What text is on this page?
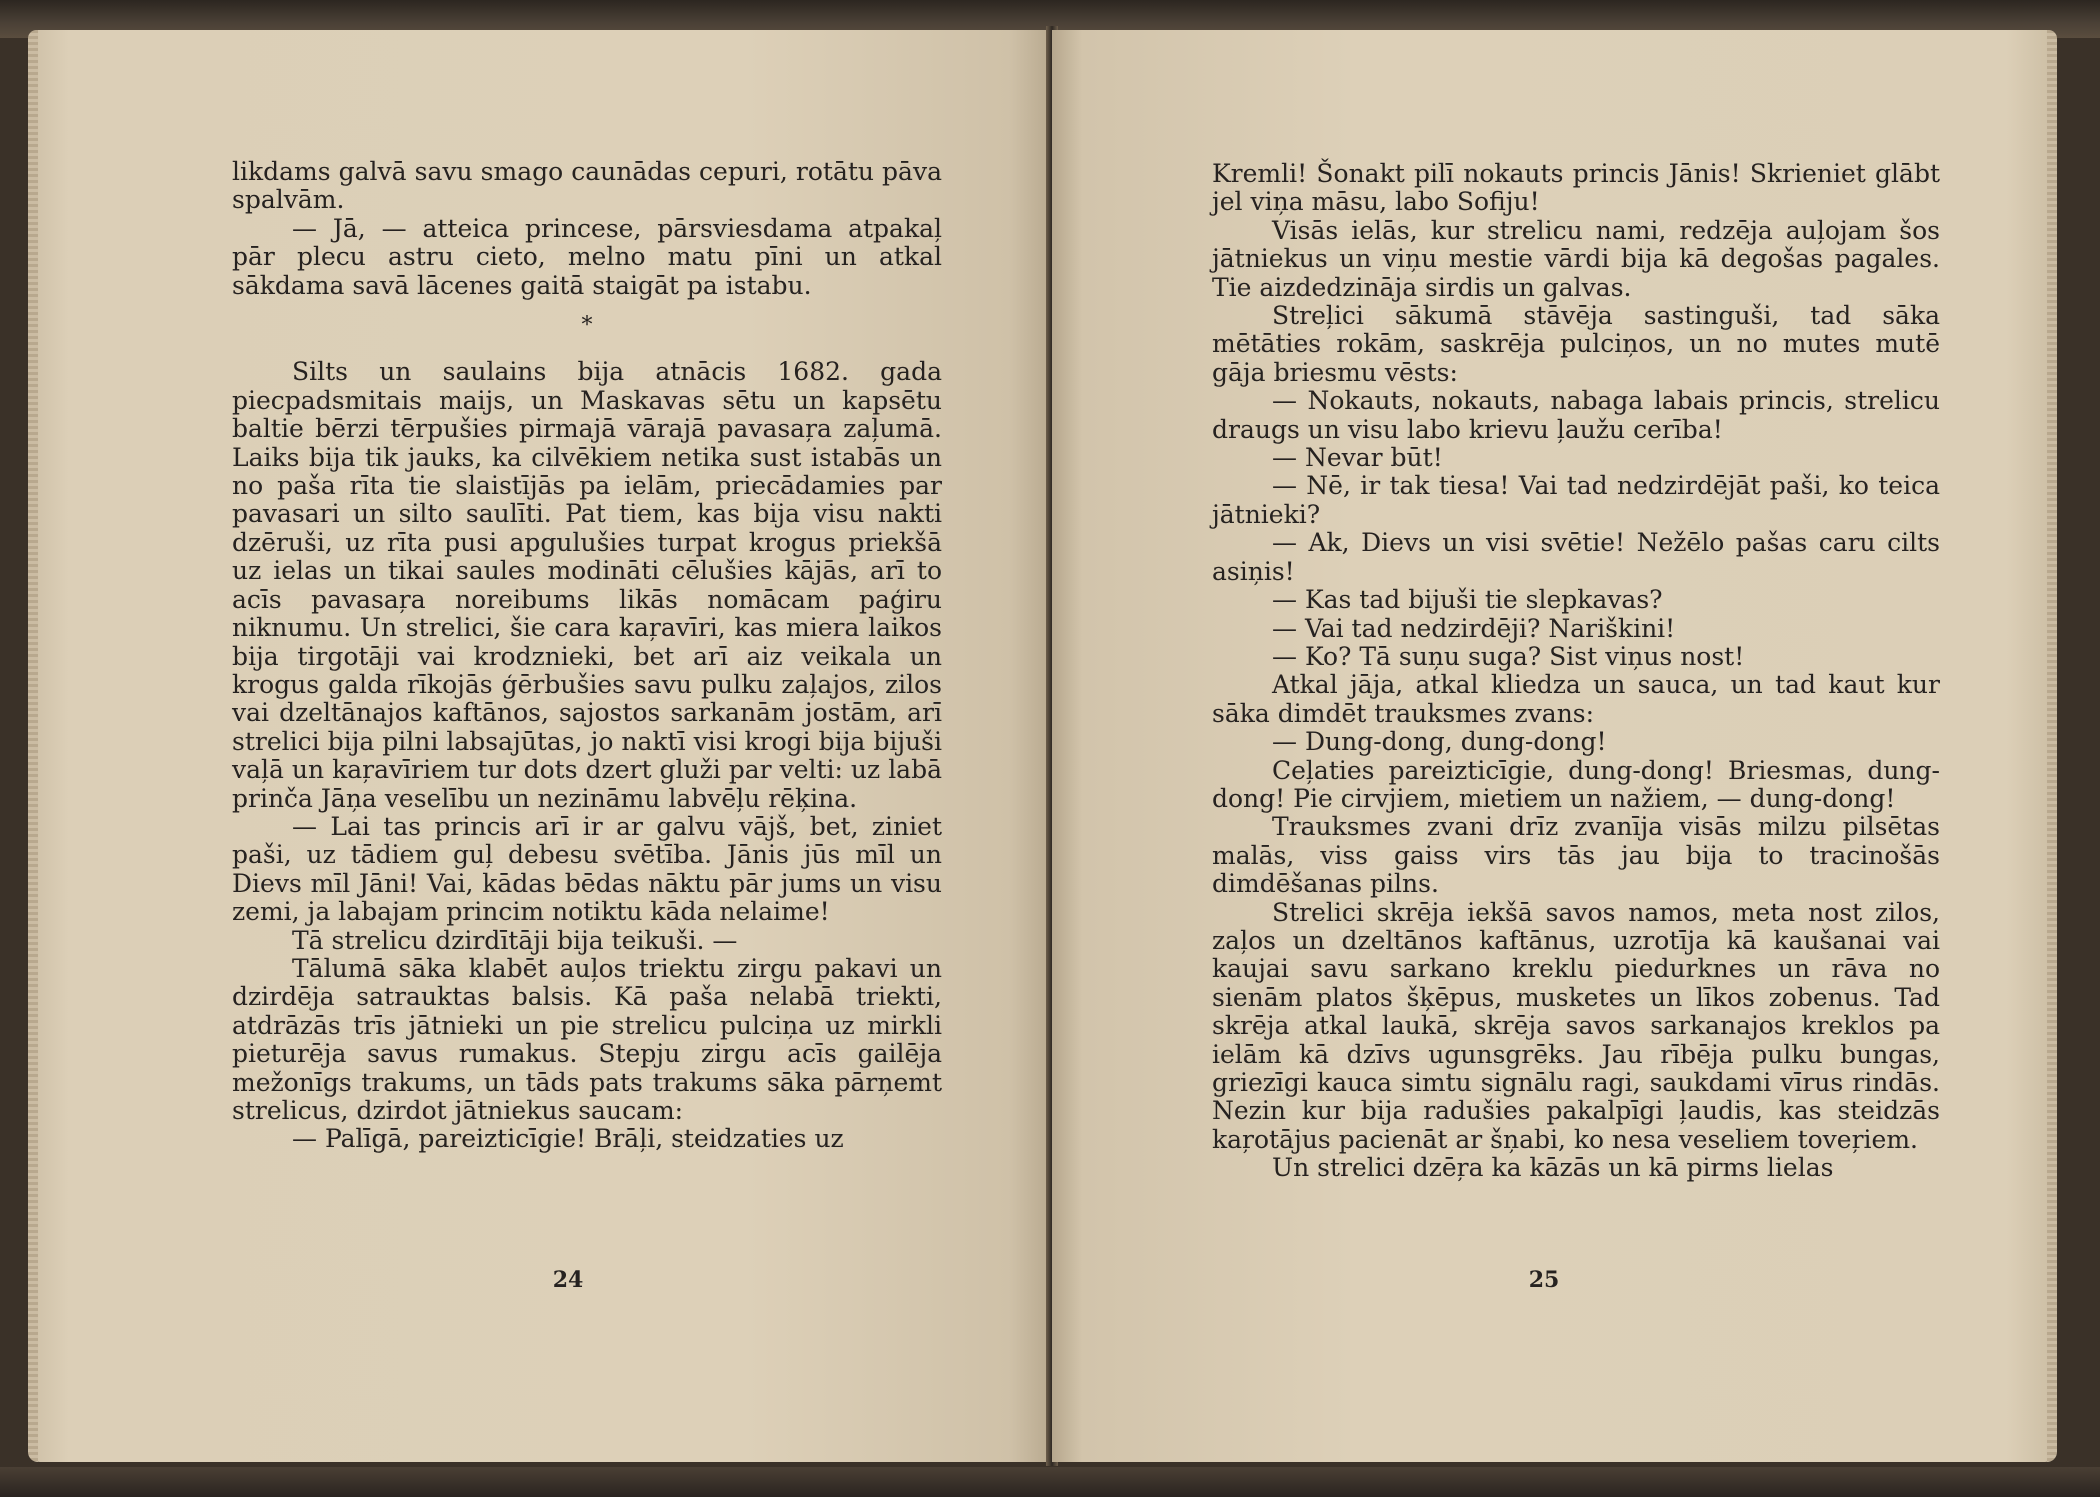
likdams galvā savu smago caunādas cepuri, rotātu pāva spalvām.

— Jā, — atteica princese, pārsviesdama atpakaļ pār plecu astru cieto, melno matu pīni un atkal sākdama savā lācenes gaitā staigāt pa istabu.

*

Silts un saulains bija atnācis 1682. gada piecpadsmitais maijs, un Maskavas sētu un kapsētu baltie bērzi tērpušies pirmajā vārajā pavasaŗa zaļumā. Laiks bija tik jauks, ka cilvēkiem netika sust istabās un no paša rīta tie slaistījās pa ielām, priecādamies par pavasari un silto saulīti. Pat tiem, kas bija visu nakti dzēruši, uz rīta pusi apgulušies turpat krogus priekšā uz ielas un tikai saules modināti cēlušies kājās, arī to acīs pavasaŗa noreibums likās nomācam paģiru niknumu. Un strelici, šie cara kaŗavīri, kas miera laikos bija tirgotāji vai krodznieki, bet arī aiz veikala un krogus galda rīkojās ģērbušies savu pulku zaļajos, zilos vai dzeltānajos kaftānos, sajostos sarkanām jostām, arī strelici bija pilni labsajūtas, jo naktī visi krogi bija bijuši vaļā un kaŗavīriem tur dots dzert gluži par velti: uz labā prinča Jāņa veselību un nezināmu labvēļu rēķina.

— Lai tas princis arī ir ar galvu vājš, bet, ziniet paši, uz tādiem guļ debesu svētība. Jānis jūs mīl un Dievs mīl Jāni! Vai, kādas bēdas nāktu pār jums un visu zemi, ja labajam princim notiktu kāda nelaime!

Tā strelicu dzirdītāji bija teikuši. —

Tālumā sāka klabēt auļos triektu zirgu pakavi un dzirdēja satrauktas balsis. Kā paša nelabā triekti, atdrāzās trīs jātnieki un pie strelicu pulciņa uz mirkli pieturēja savus rumakus. Stepju zirgu acīs gailēja mežonīgs trakums, un tāds pats trakums sāka pārņemt strelicus, dzirdot jātniekus saucam:

— Palīgā, pareizticīgie! Brāļi, steidzaties uz

24

Kremli! Šonakt pilī nokauts princis Jānis! Skrieniet glābt jel viņa māsu, labo Sofiju!

Visās ielās, kur strelicu nami, redzēja auļojam šos jātniekus un viņu mestie vārdi bija kā degošas pagales. Tie aizdedzināja sirdis un galvas.

Streļici sākumā stāvēja sastinguši, tad sāka mētāties rokām, saskrēja pulciņos, un no mutes mutē gāja briesmu vēsts:

— Nokauts, nokauts, nabaga labais princis, strelicu draugs un visu labo krievu ļaužu cerība!

— Nevar būt!

— Nē, ir tak tiesa! Vai tad nedzirdējāt paši, ko teica jātnieki?

— Ak, Dievs un visi svētie! Nežēlo pašas caru cilts asiņis!

— Kas tad bijuši tie slepkavas?

— Vai tad nedzirdēji? Nariškini!

— Ko? Tā suņu suga? Sist viņus nost!

Atkal jāja, atkal kliedza un sauca, un tad kaut kur sāka dimdēt trauksmes zvans:

— Dung-dong, dung-dong!

Ceļaties pareizticīgie, dung-dong! Briesmas, dung-dong! Pie cirvjiem, mietiem un nažiem, — dung-dong!

Trauksmes zvani drīz zvanīja visās milzu pilsētas malās, viss gaiss virs tās jau bija to tracinošās dimdēšanas pilns.

Strelici skrēja iekšā savos namos, meta nost zilos, zaļos un dzeltānos kaftānus, uzrotīja kā kaušanai vai kaujai savu sarkano kreklu piedurknes un rāva no sienām platos šķēpus, musketes un līkos zobenus. Tad skrēja atkal laukā, skrēja savos sarkanajos kreklos pa ielām kā dzīvs ugunsgrēks. Jau rībēja pulku bungas, griezīgi kauca simtu signālu ragi, saukdami vīrus rindās. Nezin kur bija radušies pakalpīgi ļaudis, kas steidzās kaŗotājus pacienāt ar šņabi, ko nesa veseliem toveŗiem.

Un strelici dzēŗa ka kāzās un kā pirms lielas

25
